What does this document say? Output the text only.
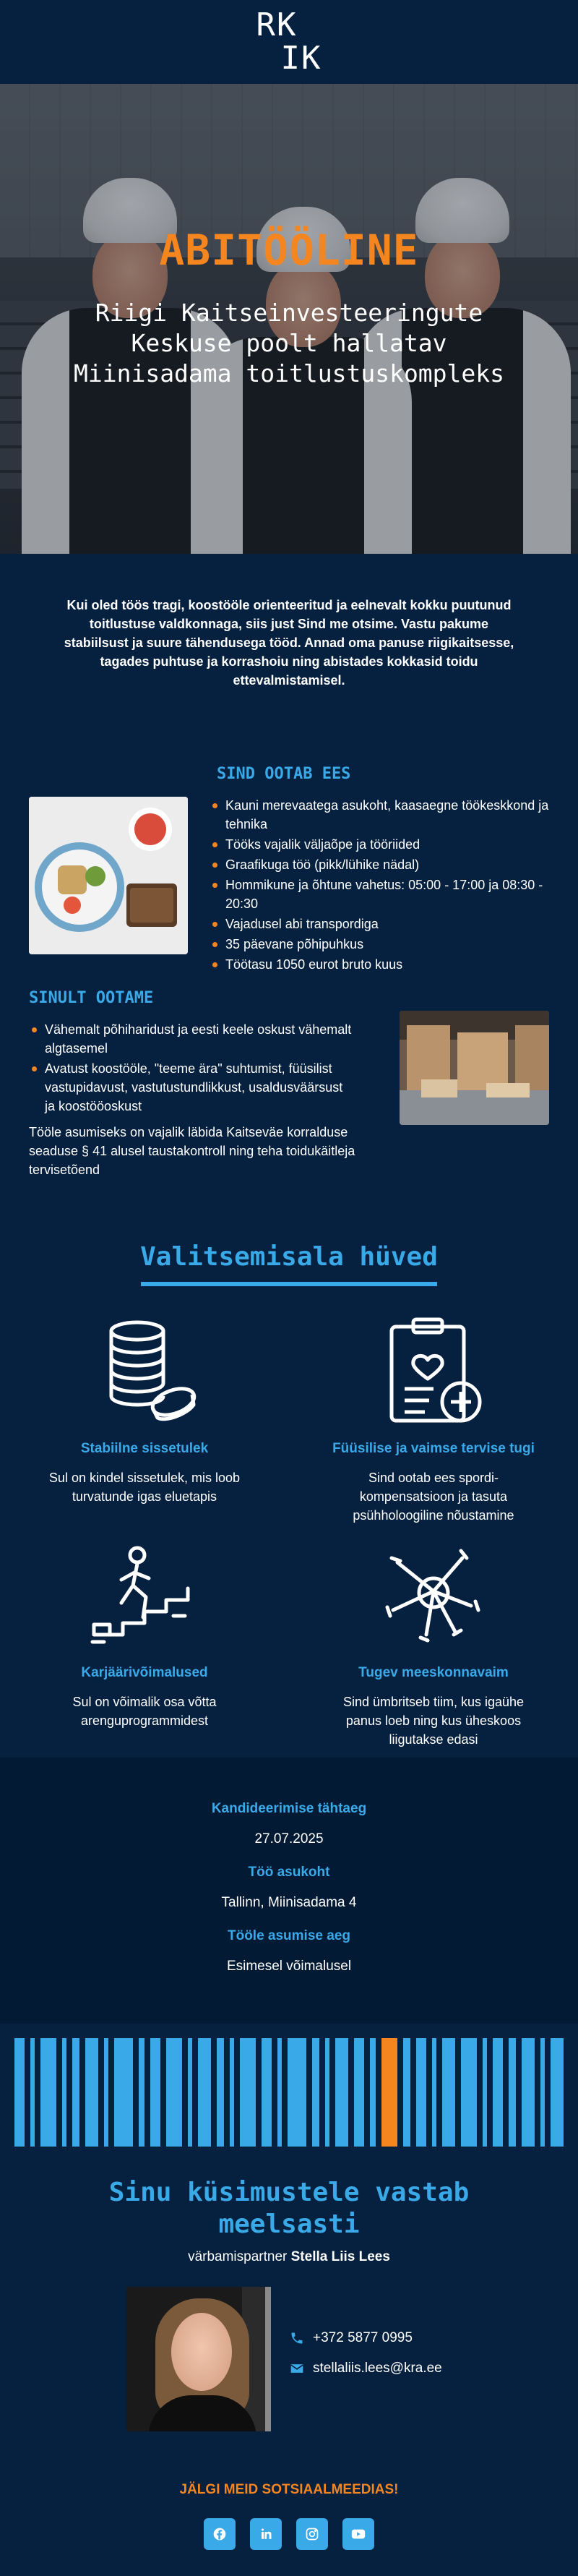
RK
IK
ABITÖÖLINE
Riigi Kaitseinvesteeringute
Keskuse poolt hallatav
Miinisadama toitlustuskompleks
Kui oled töös tragi, koostööle orienteeritud ja eelnevalt kokku puutunud toitlustuse valdkonnaga, siis just Sind me otsime. Vastu pakume stabiilsust ja suure tähendusega tööd. Annad oma panuse riigikaitsesse, tagades puhtuse ja korrashoiu ning abistades kokkasid toidu ettevalmistamisel.
SIND OOTAB EES
Kauni merevaatega asukoht, kaasaegne töökeskkond ja tehnika
Tööks vajalik väljaõpe ja tööriided
Graafikuga töö (pikk/lühike nädal)
Hommikune ja õhtune vahetus: 05:00 - 17:00 ja 08:30 - 20:30
Vajadusel abi transpordiga
35 päevane põhipuhkus
Töötasu 1050 eurot bruto kuus
SINULT OOTAME
Vähemalt põhiharidust ja eesti keele oskust vähemalt algtasemel
Avatust koostööle, "teeme ära" suhtumist, füüsilist vastupidavust, vastutustundlikkust, usaldusväärsust ja koostööoskust

Tööle asumiseks on vajalik läbida Kaitseväe korralduse seaduse § 41 alusel taustakontroll ning teha toidukäitleja tervisetõend

Valitsemisala hüved
Stabiilne sissetulek

Sul on kindel sissetulek, mis loob turvatunde igas eluetapis

Füüsilise ja vaimse tervise tugi

Sind ootab ees spordi- kompensatsioon ja tasuta psühholoogiline nõustamine

Karjäärivõimalused

Sul on võimalik osa võtta arenguprogrammidest

Tugev meeskonnavaim

Sind ümbritseb tiim, kus igaühe panus loeb ning kus üheskoos liigutakse edasi

Kandideerimise tähtaeg
27.07.2025
Töö asukoht
Tallinn, Miinisadama 4
Tööle asumise aeg
Esimesel võimalusel
Sinu küsimustele vastab
meelsasti
värbamispartner Stella Liis Lees
+372 5877 0995
stellaliis.lees@kra.ee
JÄLGI MEID SOTSIAALMEEDIAS!
